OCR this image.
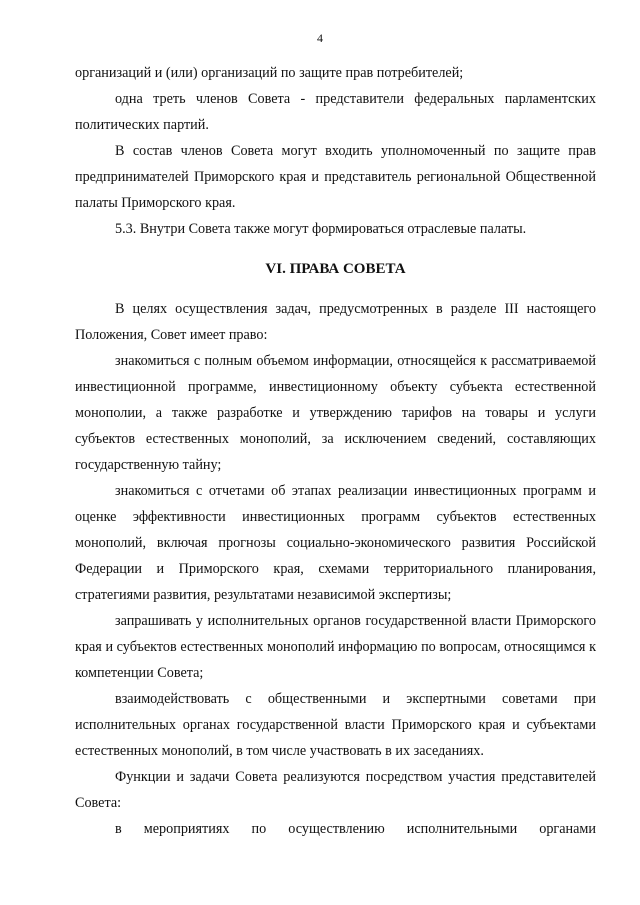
4

организаций и (или) организаций по защите прав потребителей;

одна треть членов Совета - представители федеральных парламентских политических партий.

В состав членов Совета могут входить уполномоченный по защите прав предпринимателей Приморского края и представитель региональной Общественной палаты Приморского края.

5.3. Внутри Совета также могут формироваться отраслевые палаты.

VI. ПРАВА СОВЕТА

В целях осуществления задач, предусмотренных в разделе III настоящего Положения, Совет имеет право:

знакомиться с полным объемом информации, относящейся к рассматриваемой инвестиционной программе, инвестиционному объекту субъекта естественной монополии, а также разработке и утверждению тарифов на товары и услуги субъектов естественных монополий, за исключением сведений, составляющих государственную тайну;

знакомиться с отчетами об этапах реализации инвестиционных программ и оценке эффективности инвестиционных программ субъектов естественных монополий, включая прогнозы социально-экономического развития Российской Федерации и Приморского края, схемами территориального планирования, стратегиями развития, результатами независимой экспертизы;

запрашивать у исполнительных органов государственной власти Приморского края и субъектов естественных монополий информацию по вопросам, относящимся к компетенции Совета;

взаимодействовать с общественными и экспертными советами при исполнительных органах государственной власти Приморского края и субъектами естественных монополий, в том числе участвовать в их заседаниях.

Функции и задачи Совета реализуются посредством участия представителей Совета:

в мероприятиях по осуществлению исполнительными органами
